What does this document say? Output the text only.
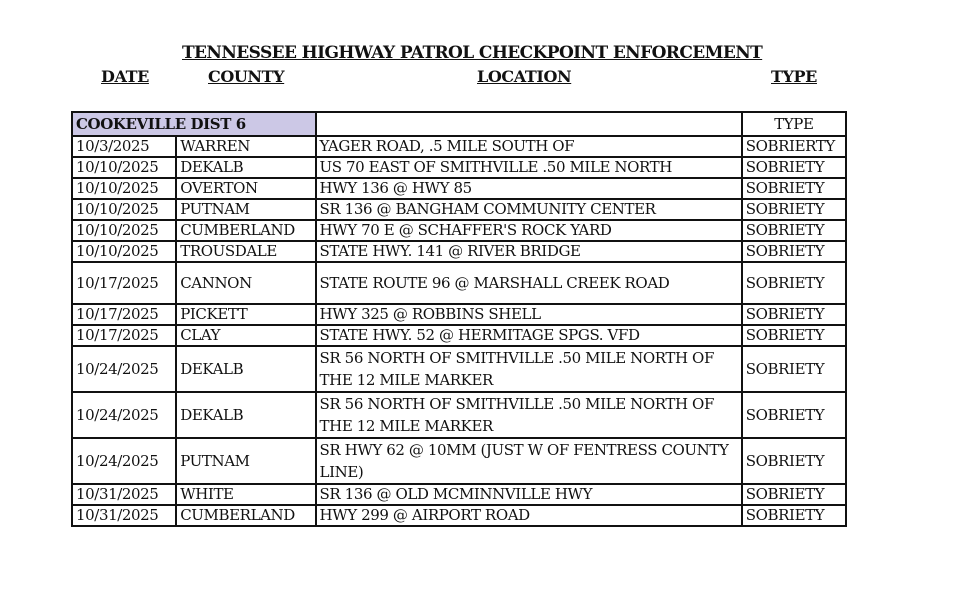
TENNESSEE HIGHWAY PATROL CHECKPOINT ENFORCEMENT
DATE	COUNTY	LOCATION	TYPE
COOKEVILLE DIST 6			TYPE
10/3/2025	WARREN	YAGER ROAD, .5 MILE SOUTH OF	SOBRIERTY
10/10/2025	DEKALB	US 70 EAST OF SMITHVILLE .50 MILE NORTH	SOBRIETY
10/10/2025	OVERTON	HWY 136 @ HWY 85	SOBRIETY
10/10/2025	PUTNAM	SR 136 @ BANGHAM COMMUNITY CENTER	SOBRIETY
10/10/2025	CUMBERLAND	HWY 70 E @ SCHAFFER'S ROCK YARD	SOBRIETY
10/10/2025	TROUSDALE	STATE HWY. 141 @ RIVER BRIDGE	SOBRIETY
10/17/2025	CANNON	STATE ROUTE 96 @ MARSHALL CREEK ROAD	SOBRIETY
10/17/2025	PICKETT	HWY 325 @ ROBBINS SHELL	SOBRIETY
10/17/2025	CLAY	STATE HWY. 52 @ HERMITAGE SPGS. VFD	SOBRIETY
10/24/2025	DEKALB	SR 56 NORTH OF SMITHVILLE .50 MILE NORTH OF THE 12 MILE MARKER	SOBRIETY
10/24/2025	DEKALB	SR 56 NORTH OF SMITHVILLE .50 MILE NORTH OF THE 12 MILE MARKER	SOBRIETY
10/24/2025	PUTNAM	SR HWY 62 @ 10MM (JUST W OF FENTRESS COUNTY LINE)	SOBRIETY
10/31/2025	WHITE	SR 136 @ OLD MCMINNVILLE HWY	SOBRIETY
10/31/2025	CUMBERLAND	HWY 299 @ AIRPORT ROAD	SOBRIETY
